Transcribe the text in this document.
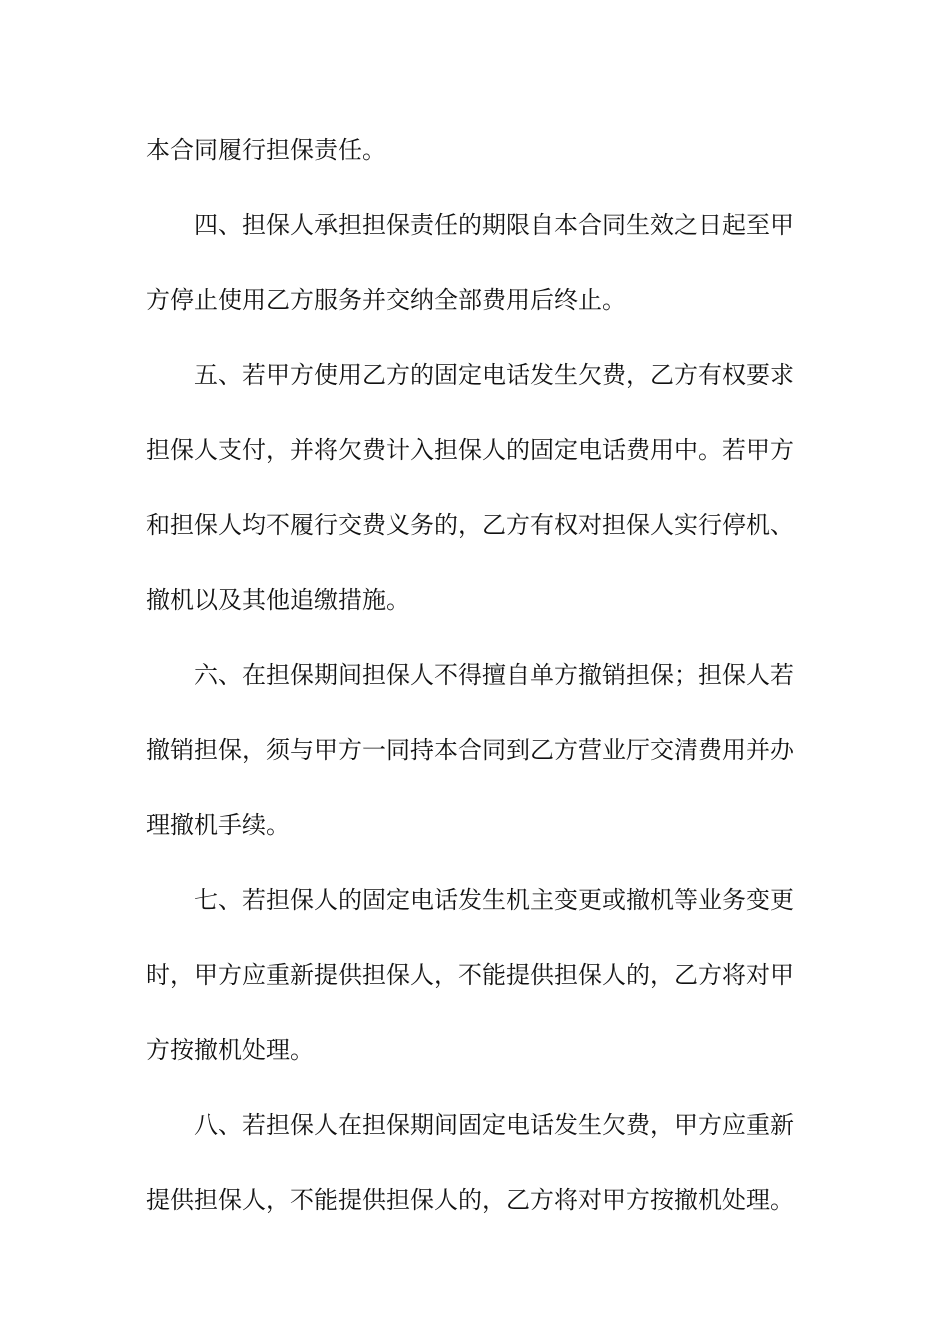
本合同履行担保责任。
四、担保人承担担保责任的期限自本合同生效之日起至甲
方停止使用乙方服务并交纳全部费用后终止。
五、若甲方使用乙方的固定电话发生欠费，乙方有权要求
担保人支付，并将欠费计入担保人的固定电话费用中。若甲方
和担保人均不履行交费义务的，乙方有权对担保人实行停机、
撤机以及其他追缴措施。
六、在担保期间担保人不得擅自单方撤销担保；担保人若
撤销担保，须与甲方一同持本合同到乙方营业厅交清费用并办
理撤机手续。
七、若担保人的固定电话发生机主变更或撤机等业务变更
时，甲方应重新提供担保人，不能提供担保人的，乙方将对甲
方按撤机处理。
八、若担保人在担保期间固定电话发生欠费，甲方应重新
提供担保人，不能提供担保人的，乙方将对甲方按撤机处理。
